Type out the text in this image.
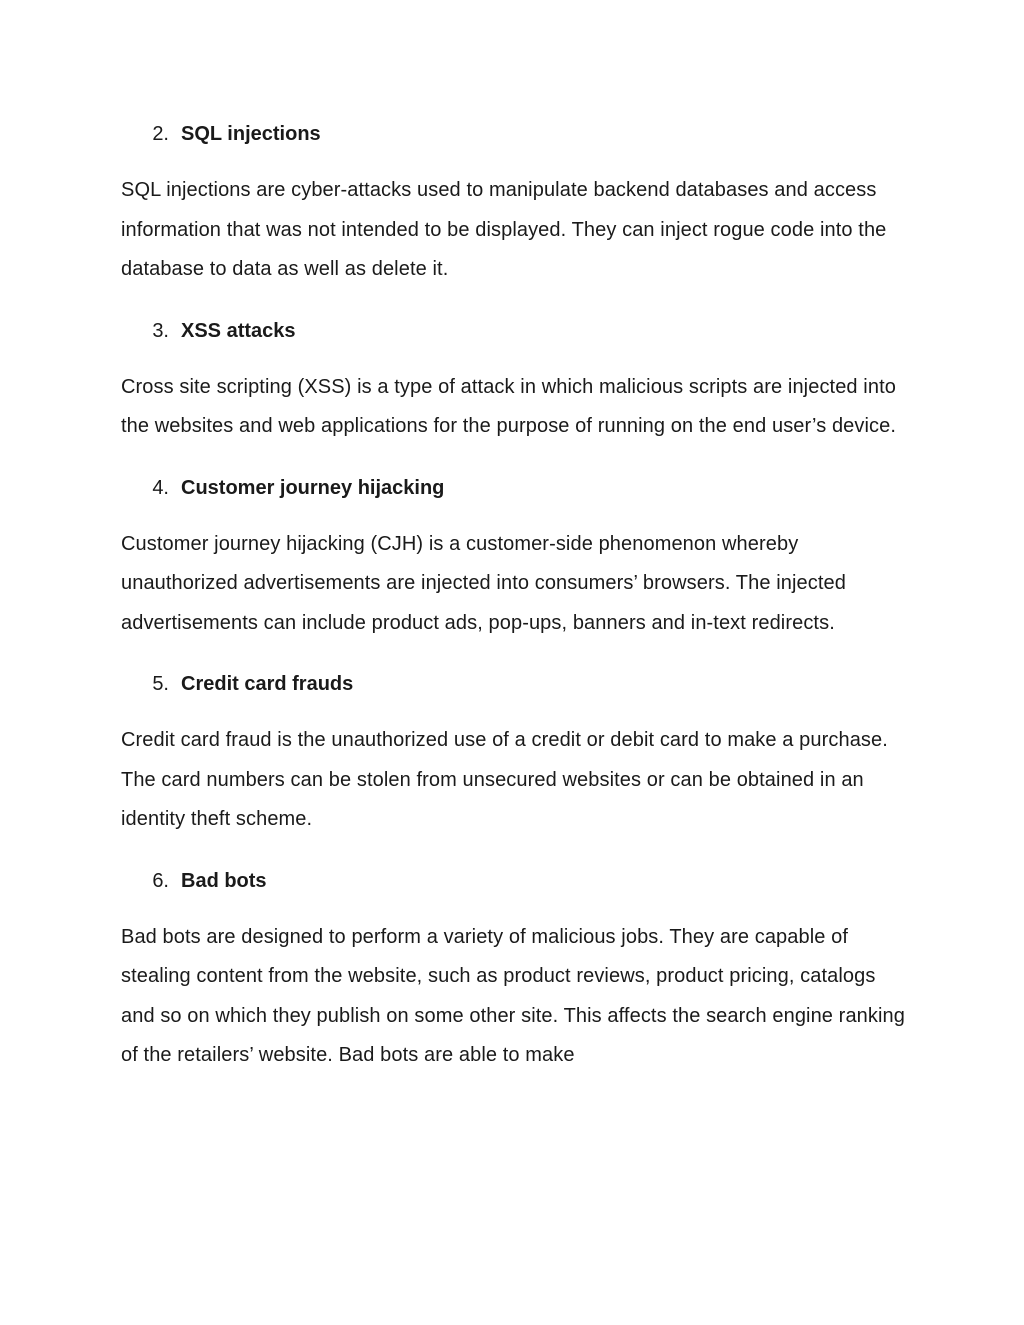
2. SQL injections

SQL injections are cyber-attacks used to manipulate backend databases and access information that was not intended to be displayed. They can inject rogue code into the database to data as well as delete it.

3. XSS attacks

Cross site scripting (XSS) is a type of attack in which malicious scripts are injected into the websites and web applications for the purpose of running on the end user’s device.

4. Customer journey hijacking

Customer journey hijacking (CJH) is a customer-side phenomenon whereby unauthorized advertisements are injected into consumers’ browsers. The injected advertisements can include product ads, pop-ups, banners and in-text redirects.

5. Credit card frauds

Credit card fraud is the unauthorized use of a credit or debit card to make a purchase. The card numbers can be stolen from unsecured websites or can be obtained in an identity theft scheme.

6. Bad bots

Bad bots are designed to perform a variety of malicious jobs. They are capable of stealing content from the website, such as product reviews, product pricing, catalogs and so on which they publish on some other site. This affects the search engine ranking of the retailers’ website. Bad bots are able to make
